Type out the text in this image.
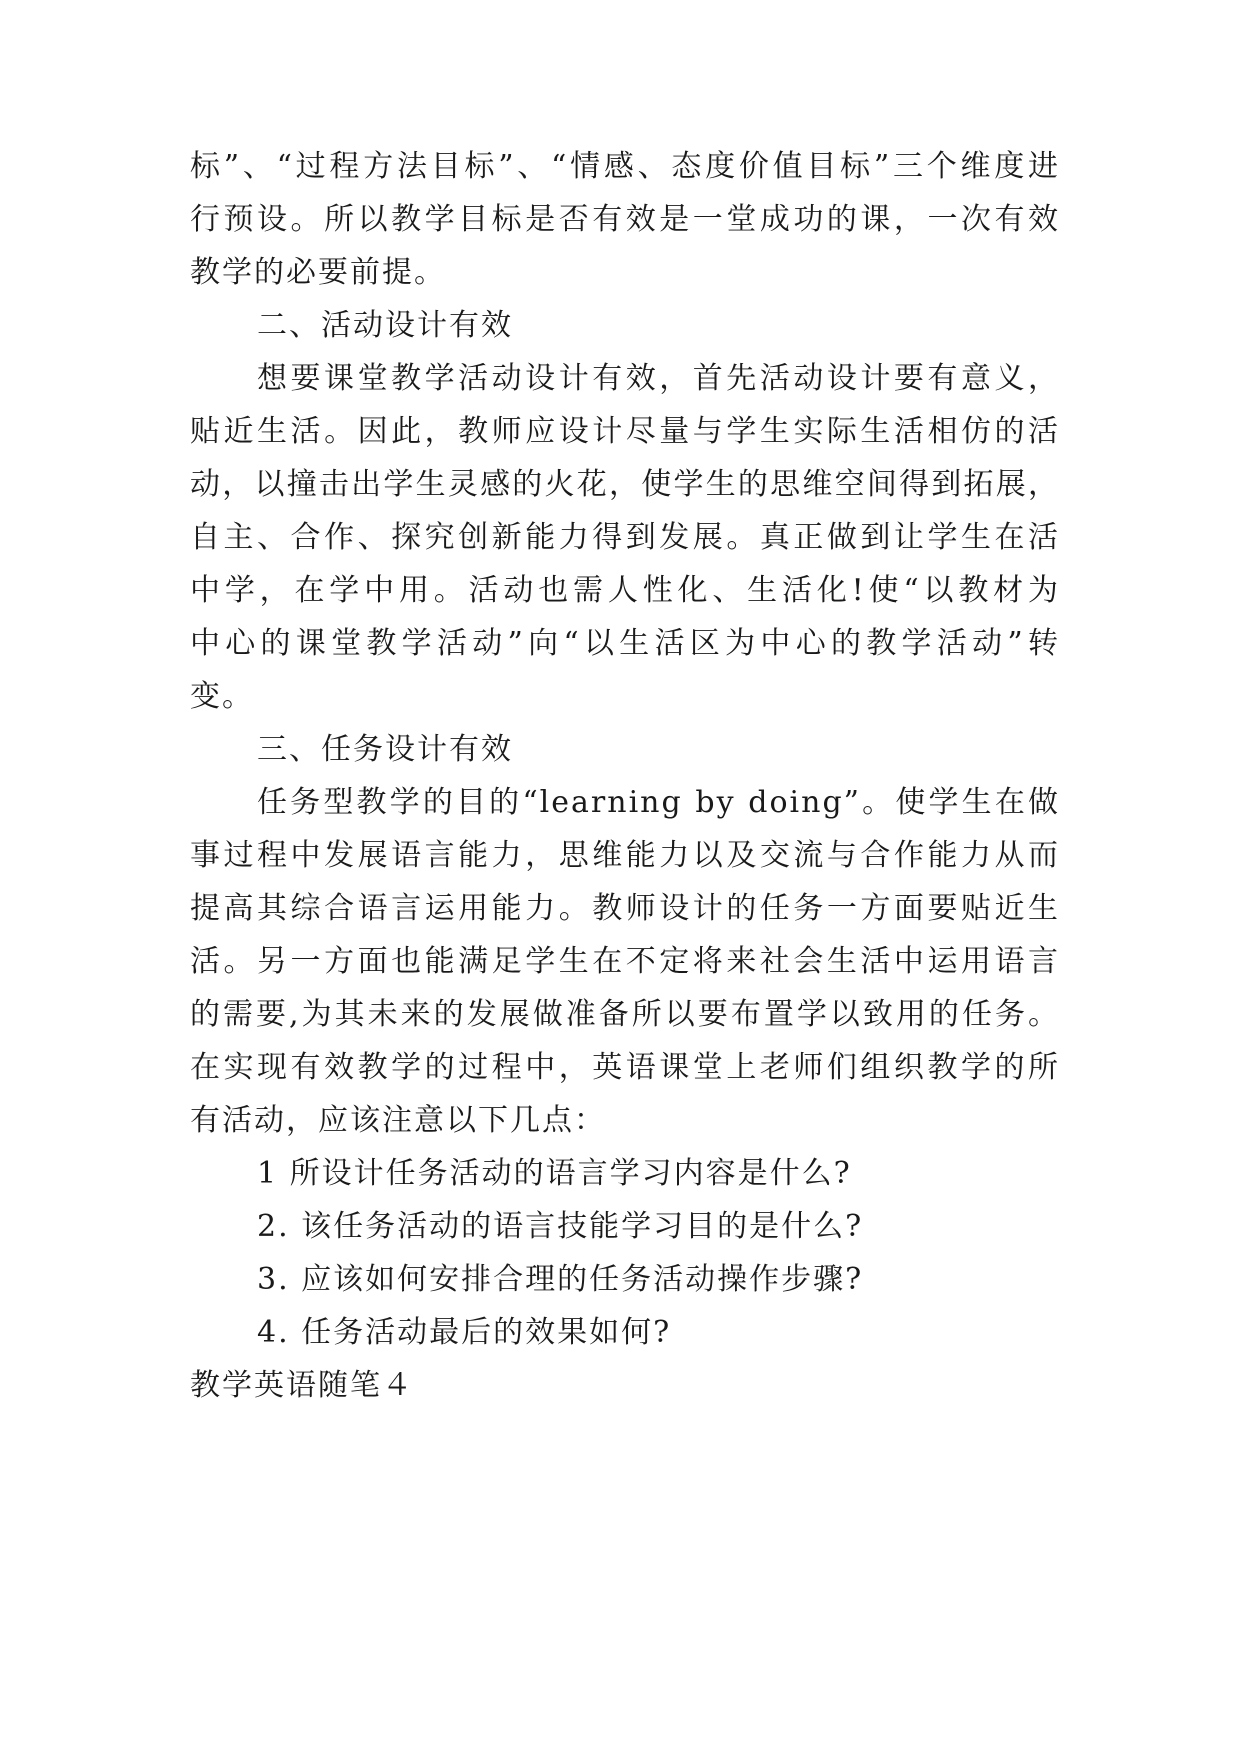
标”、“过程方法目标”、“情感、态度价值目标”三个维度进
行预设。所以教学目标是否有效是一堂成功的课，一次有效
教学的必要前提。
二、活动设计有效
想要课堂教学活动设计有效，首先活动设计要有意义，
贴近生活。因此，教师应设计尽量与学生实际生活相仿的活
动，以撞击出学生灵感的火花，使学生的思维空间得到拓展，
自主、合作、探究创新能力得到发展。真正做到让学生在活
中学，在学中用。活动也需人性化、生活化!使“以教材为
中心的课堂教学活动”向“以生活区为中心的教学活动”转
变。
三、任务设计有效
任务型教学的目的“learning by doing”。使学生在做
事过程中发展语言能力，思维能力以及交流与合作能力从而
提高其综合语言运用能力。教师设计的任务一方面要贴近生
活。另一方面也能满足学生在不定将来社会生活中运用语言
的需要,为其未来的发展做准备所以要布置学以致用的任务。
在实现有效教学的过程中，英语课堂上老师们组织教学的所
有活动，应该注意以下几点：
1 所设计任务活动的语言学习内容是什么?
2. 该任务活动的语言技能学习目的是什么?
3. 应该如何安排合理的任务活动操作步骤?
4. 任务活动最后的效果如何?
教学英语随笔４
